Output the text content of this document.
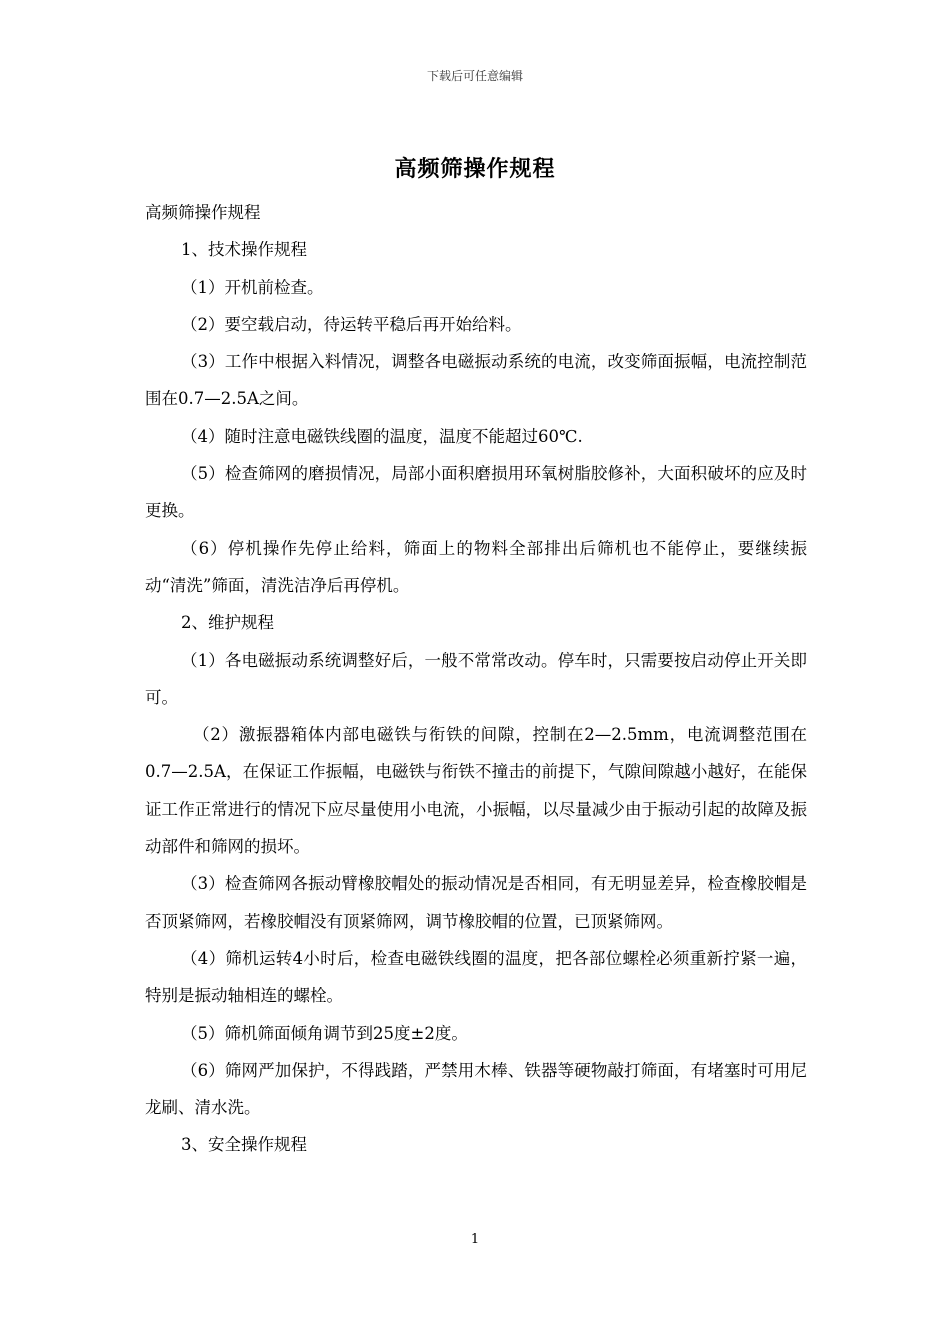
下载后可任意编辑
高频筛操作规程

高频筛操作规程

1、技术操作规程

（1）开机前检查。

（2）要空载启动，待运转平稳后再开始给料。

（3）工作中根据入料情况，调整各电磁振动系统的电流，改变筛面振幅，电流控制范围在0.7—2.5A之间。

（4）随时注意电磁铁线圈的温度，温度不能超过60℃.

（5）检查筛网的磨损情况，局部小面积磨损用环氧树脂胶修补，大面积破坏的应及时更换。

（6）停机操作先停止给料，筛面上的物料全部排出后筛机也不能停止，要继续振动“清洗”筛面，清洗洁净后再停机。

2、维护规程

（1）各电磁振动系统调整好后，一般不常常改动。停车时，只需要按启动停止开关即可。

（2）激振器箱体内部电磁铁与衔铁的间隙，控制在2—2.5mm，电流调整范围在0.7—2.5A，在保证工作振幅，电磁铁与衔铁不撞击的前提下，气隙间隙越小越好，在能保证工作正常进行的情况下应尽量使用小电流，小振幅，以尽量减少由于振动引起的故障及振动部件和筛网的损坏。

（3）检查筛网各振动臂橡胶帽处的振动情况是否相同，有无明显差异，检查橡胶帽是否顶紧筛网，若橡胶帽没有顶紧筛网，调节橡胶帽的位置，已顶紧筛网。

（4）筛机运转4小时后，检查电磁铁线圈的温度，把各部位螺栓必须重新拧紧一遍，特别是振动轴相连的螺栓。

（5）筛机筛面倾角调节到25度±2度。

（6）筛网严加保护，不得践踏，严禁用木棒、铁器等硬物敲打筛面，有堵塞时可用尼龙刷、清水洗。

3、安全操作规程

1
